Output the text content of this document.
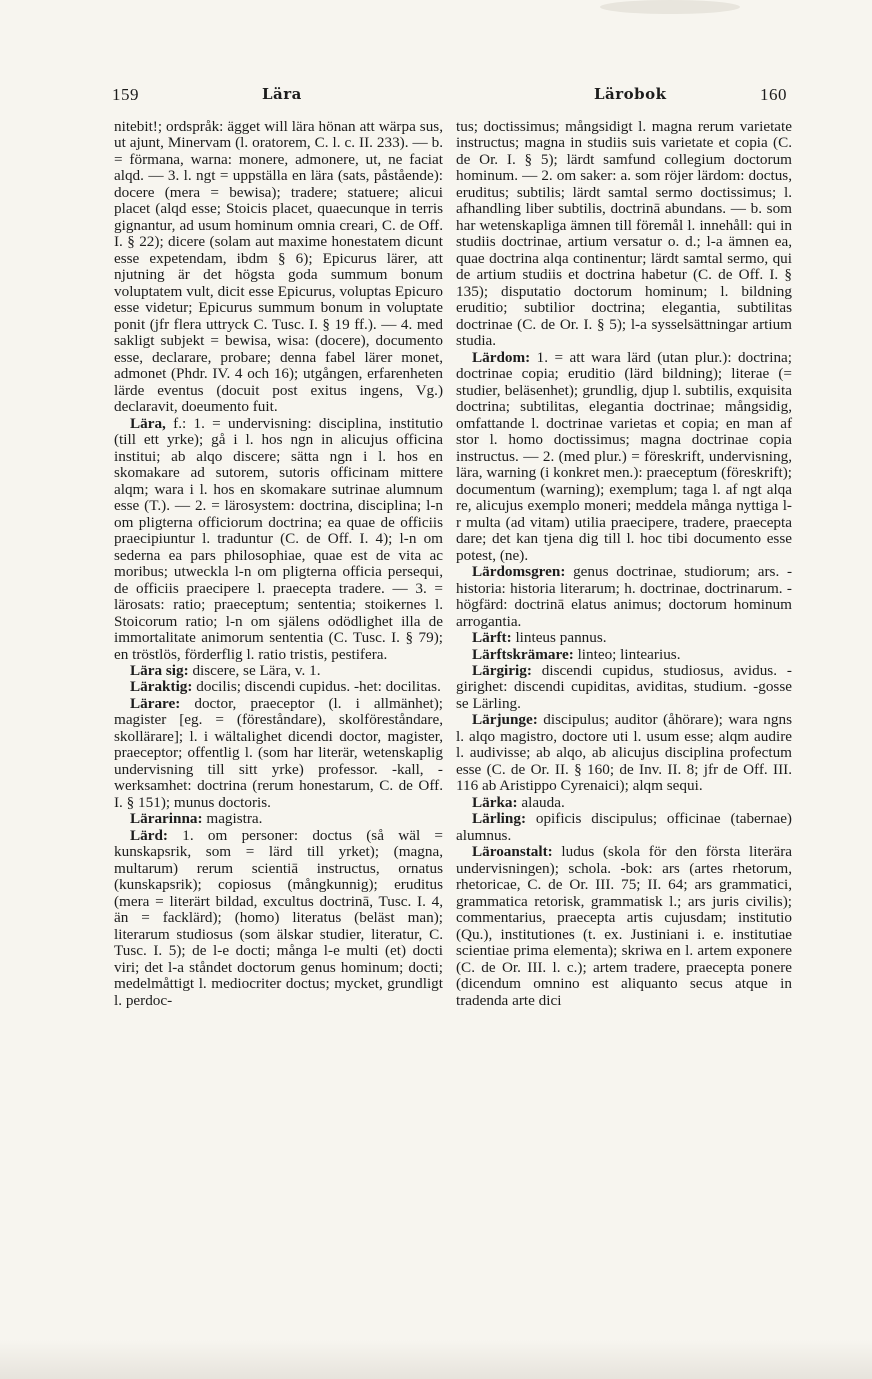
159	Lära	Lärobok	160

nitebit!; ordspråk: ägget will lära hönan att wärpa sus, ut ajunt, Minervam (l. oratorem, C. l. c. II. 233). — b. = förmana, warna: monere, admonere, ut, ne faciat alqd. — 3. l. ngt = uppställa en lära (sats, påstående): docere (mera = bewisa); tradere; statuere; alicui placet (alqd esse; Stoicis placet, quaecunque in terris gignantur, ad usum hominum omnia creari, C. de Off. I. § 22); dicere (solam aut maxime honestatem dicunt esse expetendam, ibdm § 6); Epicurus lärer, att njutning är det högsta goda summum bonum voluptatem vult, dicit esse Epicurus, voluptas Epicuro esse videtur; Epicurus summum bonum in voluptate ponit (jfr flera uttryck C. Tusc. I. § 19 ff.). — 4. med sakligt subjekt = bewisa, wisa: (docere), documento esse, declarare, probare; denna fabel lärer monet, admonet (Phdr. IV. 4 och 16); utgången, erfarenheten lärde eventus (docuit post exitus ingens, Vg.) declaravit, doeumento fuit.

Lära, f.: 1. = undervisning: disciplina, institutio (till ett yrke); gå i l. hos ngn in alicujus officina institui; ab alqo discere; sätta ngn i l. hos en skomakare ad sutorem, sutoris officinam mittere alqm; wara i l. hos en skomakare sutrinae alumnum esse (T.). — 2. = lärosystem: doctrina, disciplina; l-n om pligterna officiorum doctrina; ea quae de officiis praecipiuntur l. traduntur (C. de Off. I. 4); l-n om sederna ea pars philosophiae, quae est de vita ac moribus; utweckla l-n om pligterna officia persequi, de officiis praecipere l. praecepta tradere. — 3. = lärosats: ratio; praeceptum; sententia; stoikernes l. Stoicorum ratio; l-n om själens odödlighet illa de immortalitate animorum sententia (C. Tusc. I. § 79); en tröstlös, förderflig l. ratio tristis, pestifera.

Lära sig: discere, se Lära, v. 1.

Läraktig: docilis; discendi cupidus. -het: docilitas.

Lärare: doctor, praeceptor (l. i allmänhet); magister [eg. = (föreståndare), skolföreståndare, skollärare]; l. i wältalighet dicendi doctor, magister, praeceptor; offentlig l. (som har literär, wetenskaplig undervisning till sitt yrke) professor. -kall, -werksamhet: doctrina (rerum honestarum, C. de Off. I. § 151); munus doctoris.

Lärarinna: magistra.

Lärd: 1. om personer: doctus (så wäl = kunskapsrik, som = lärd till yrket); (magna, multarum) rerum scientiā instructus, ornatus (kunskapsrik); copiosus (mångkunnig); eruditus (mera = literärt bildad, excultus doctrinā, Tusc. I. 4, än = facklärd); (homo) literatus (beläst man); literarum studiosus (som älskar studier, literatur, C. Tusc. I. 5); de l-e docti; många l-e multi (et) docti viri; det l-a ståndet doctorum genus hominum; docti; medelmåttigt l. mediocriter doctus; mycket, grundligt l. perdoc-

tus; doctissimus; mångsidigt l. magna rerum varietate instructus; magna in studiis suis varietate et copia (C. de Or. I. § 5); lärdt samfund collegium doctorum hominum. — 2. om saker: a. som röjer lärdom: doctus, eruditus; subtilis; lärdt samtal sermo doctissimus; l. afhandling liber subtilis, doctrinā abundans. — b. som har wetenskapliga ämnen till föremål l. innehåll: qui in studiis doctrinae, artium versatur o. d.; l-a ämnen ea, quae doctrina alqa continentur; lärdt samtal sermo, qui de artium studiis et doctrina habetur (C. de Off. I. § 135); disputatio doctorum hominum; l. bildning eruditio; subtilior doctrina; elegantia, subtilitas doctrinae (C. de Or. I. § 5); l-a sysselsättningar artium studia.

Lärdom: 1. = att wara lärd (utan plur.): doctrina; doctrinae copia; eruditio (lärd bildning); literae (= studier, beläsenhet); grundlig, djup l. subtilis, exquisita doctrina; subtilitas, elegantia doctrinae; mångsidig, omfattande l. doctrinae varietas et copia; en man af stor l. homo doctissimus; magna doctrinae copia instructus. — 2. (med plur.) = föreskrift, undervisning, lära, warning (i konkret men.): praeceptum (föreskrift); documentum (warning); exemplum; taga l. af ngt alqa re, alicujus exemplo moneri; meddela många nyttiga l-r multa (ad vitam) utilia praecipere, tradere, praecepta dare; det kan tjena dig till l. hoc tibi documento esse potest, (ne).

Lärdomsgren: genus doctrinae, studiorum; ars. -historia: historia literarum; h. doctrinae, doctrinarum. -högfärd: doctrinā elatus animus; doctorum hominum arrogantia.

Lärft: linteus pannus.

Lärftskrämare: linteo; lintearius.

Lärgirig: discendi cupidus, studiosus, avidus. -girighet: discendi cupiditas, aviditas, studium. -gosse se Lärling.

Lärjunge: discipulus; auditor (åhörare); wara ngns l. alqo magistro, doctore uti l. usum esse; alqm audire l. audivisse; ab alqo, ab alicujus disciplina profectum esse (C. de Or. II. § 160; de Inv. II. 8; jfr de Off. III. 116 ab Aristippo Cyrenaici); alqm sequi.

Lärka: alauda.

Lärling: opificis discipulus; officinae (tabernae) alumnus.

Läroanstalt: ludus (skola för den första literära undervisningen); schola. -bok: ars (artes rhetorum, rhetoricae, C. de Or. III. 75; II. 64; ars grammatici, grammatica retorisk, grammatisk l.; ars juris civilis); commentarius, praecepta artis cujusdam; institutio (Qu.), institutiones (t. ex. Justiniani i. e. institutiae scientiae prima elementa); skriwa en l. artem exponere (C. de Or. III. l. c.); artem tradere, praecepta ponere (dicendum omnino est aliquanto secus atque in tradenda arte dici
